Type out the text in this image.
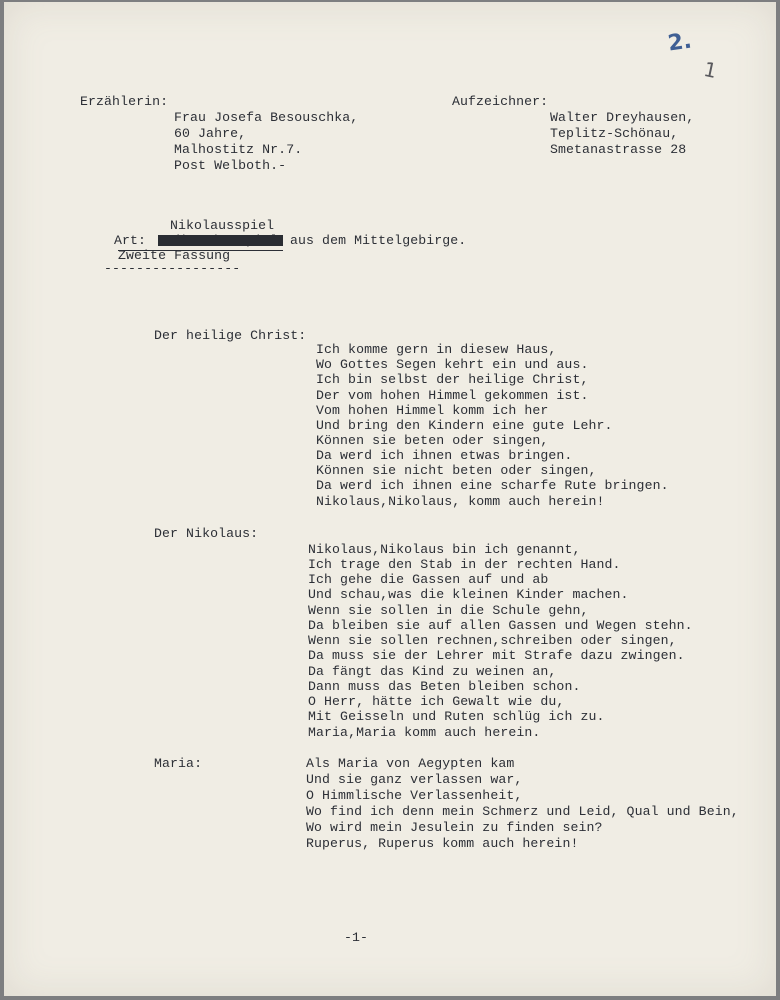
2.
1
Erzählerin:
Frau Josefa Besouschka,
60 Jahre,
Malhostitz Nr.7.
Post Welboth.-
Aufzeichner:
Walter Dreyhausen,
Teplitz-Schönau,
Smetanastrasse 28
Nikolausspiel
Art:	aus dem Mittelgebirge.
Zweite Fassung
-----------------
Der heilige Christ:
Ich komme gern in diesew Haus,
Wo Gottes Segen kehrt ein und aus.
Ich bin selbst der heilige Christ,
Der vom hohen Himmel gekommen ist.
Vom hohen Himmel komm ich her
Und bring den Kindern eine gute Lehr.
Können sie beten oder singen,
Da werd ich ihnen etwas bringen.
Können sie nicht beten oder singen,
Da werd ich ihnen eine scharfe Rute bringen.
Nikolaus,Nikolaus, komm auch herein!
Der Nikolaus:
Nikolaus,Nikolaus bin ich genannt,
Ich trage den Stab in der rechten Hand.
Ich gehe die Gassen auf und ab
Und schau,was die kleinen Kinder machen.
Wenn sie sollen in die Schule gehn,
Da bleiben sie auf allen Gassen und Wegen stehn.
Wenn sie sollen rechnen,schreiben oder singen,
Da muss sie der Lehrer mit Strafe dazu zwingen.
Da fängt das Kind zu weinen an,
Dann muss das Beten bleiben schon.
O Herr, hätte ich Gewalt wie du,
Mit Geisseln und Ruten schlüg ich zu.
Maria,Maria komm auch herein.
Maria:	Als Maria von Aegypten kam
Und sie ganz verlassen war,
O Himmlische Verlassenheit,
Wo find ich denn mein Schmerz und Leid, Qual und Bein,
Wo wird mein Jesulein zu finden sein?
Ruperus, Ruperus komm auch herein!
-1-
